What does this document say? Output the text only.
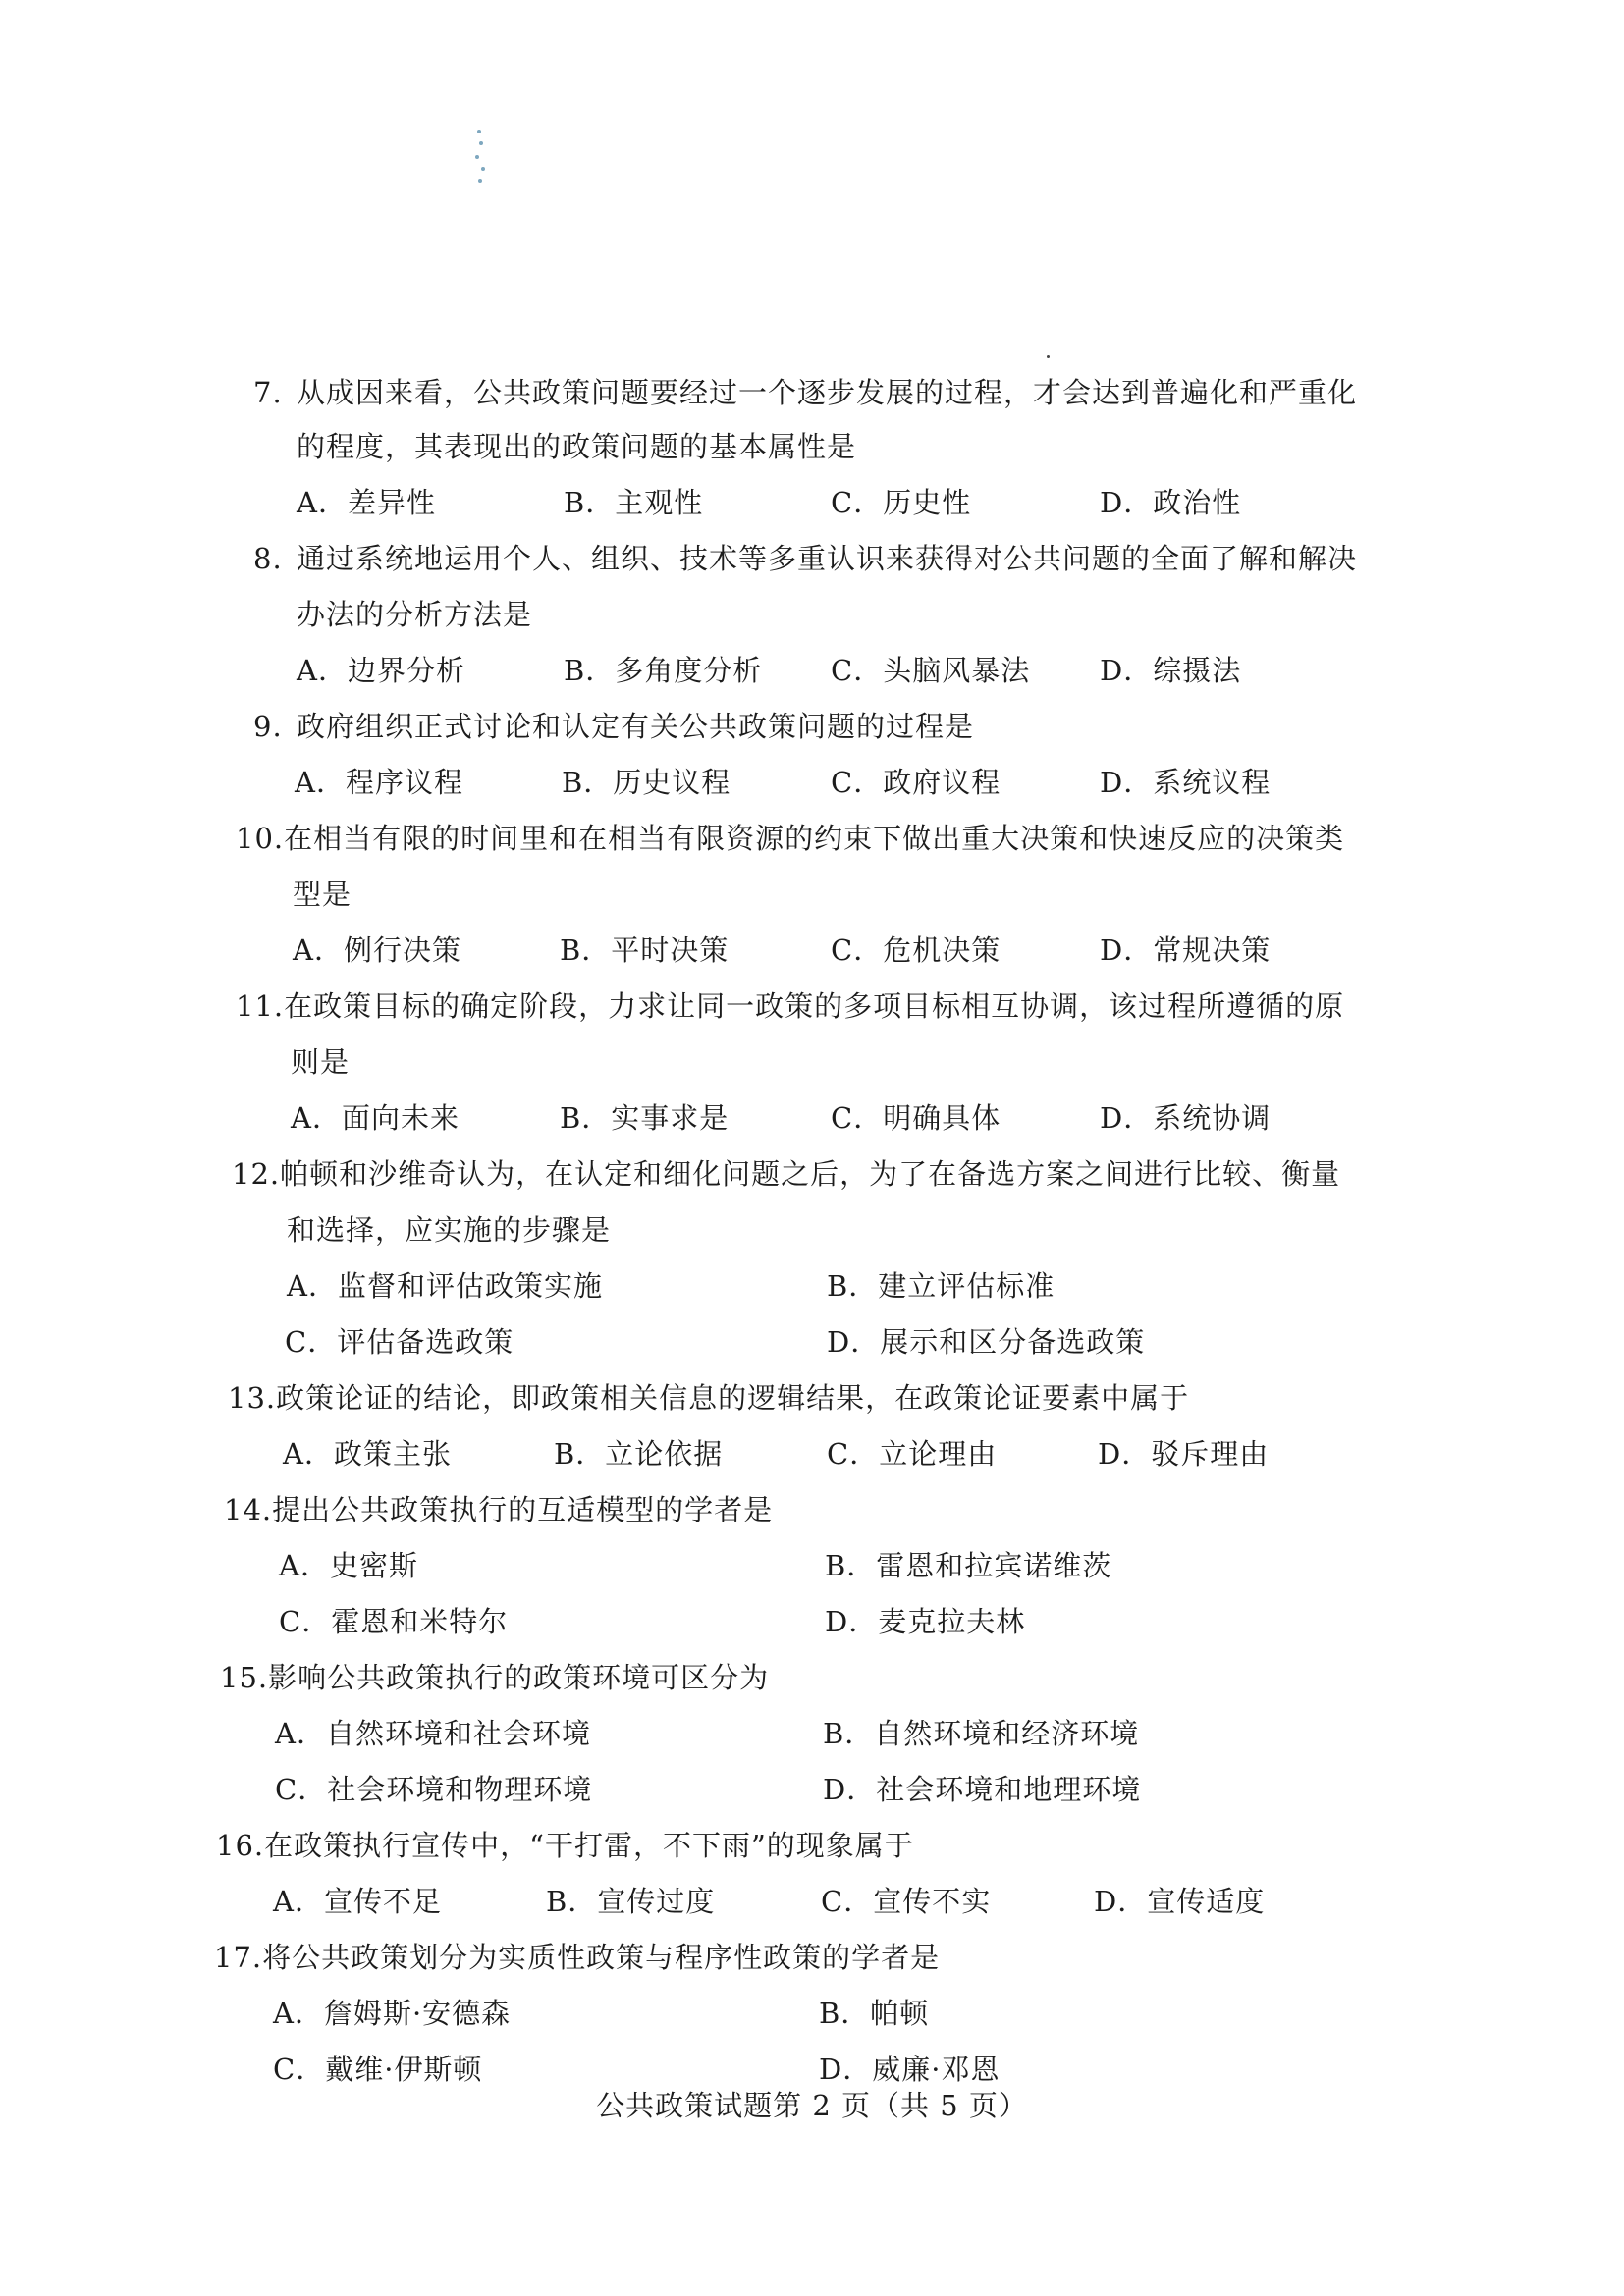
7. 从成因来看，公共政策问题要经过一个逐步发展的过程，才会达到普遍化和严重化
的程度，其表现出的政策问题的基本属性是
A．差异性	B．主观性	C．历史性	D．政治性
8. 通过系统地运用个人、组织、技术等多重认识来获得对公共问题的全面了解和解决
办法的分析方法是
A．边界分析	B．多角度分析 C．头脑风暴法 D．综摄法
9. 政府组织正式讨论和认定有关公共政策问题的过程是
A．程序议程	B．历史议程	C．政府议程	D．系统议程
10.在相当有限的时间里和在相当有限资源的约束下做出重大决策和快速反应的决策类
型是
A．例行决策	B．平时决策	C．危机决策	D．常规决策
11.在政策目标的确定阶段，力求让同一政策的多项目标相互协调，该过程所遵循的原
则是
A．面向未来	B．实事求是	C．明确具体	D．系统协调
12.帕顿和沙维奇认为，在认定和细化问题之后，为了在备选方案之间进行比较、衡量
和选择，应实施的步骤是
A．监督和评估政策实施	B．建立评估标准
C．评估备选政策	D．展示和区分备选政策
13.政策论证的结论，即政策相关信息的逻辑结果，在政策论证要素中属于
A．政策主张	B．立论依据	C．立论理由	D．驳斥理由
14.提出公共政策执行的互适模型的学者是
A．史密斯	B．雷恩和拉宾诺维茨
C．霍恩和米特尔	D．麦克拉夫林
15.影响公共政策执行的政策环境可区分为
A．自然环境和社会环境	B．自然环境和经济环境
C．社会环境和物理环境	D．社会环境和地理环境
16.在政策执行宣传中，“干打雷，不下雨”的现象属于
A．宣传不足	B．宣传过度	C．宣传不实	D．宣传适度
17.将公共政策划分为实质性政策与程序性政策的学者是
A．詹姆斯·安德森	B．帕顿
C．戴维·伊斯顿	D．威廉·邓恩
公共政策试题第 2 页（共 5 页）
